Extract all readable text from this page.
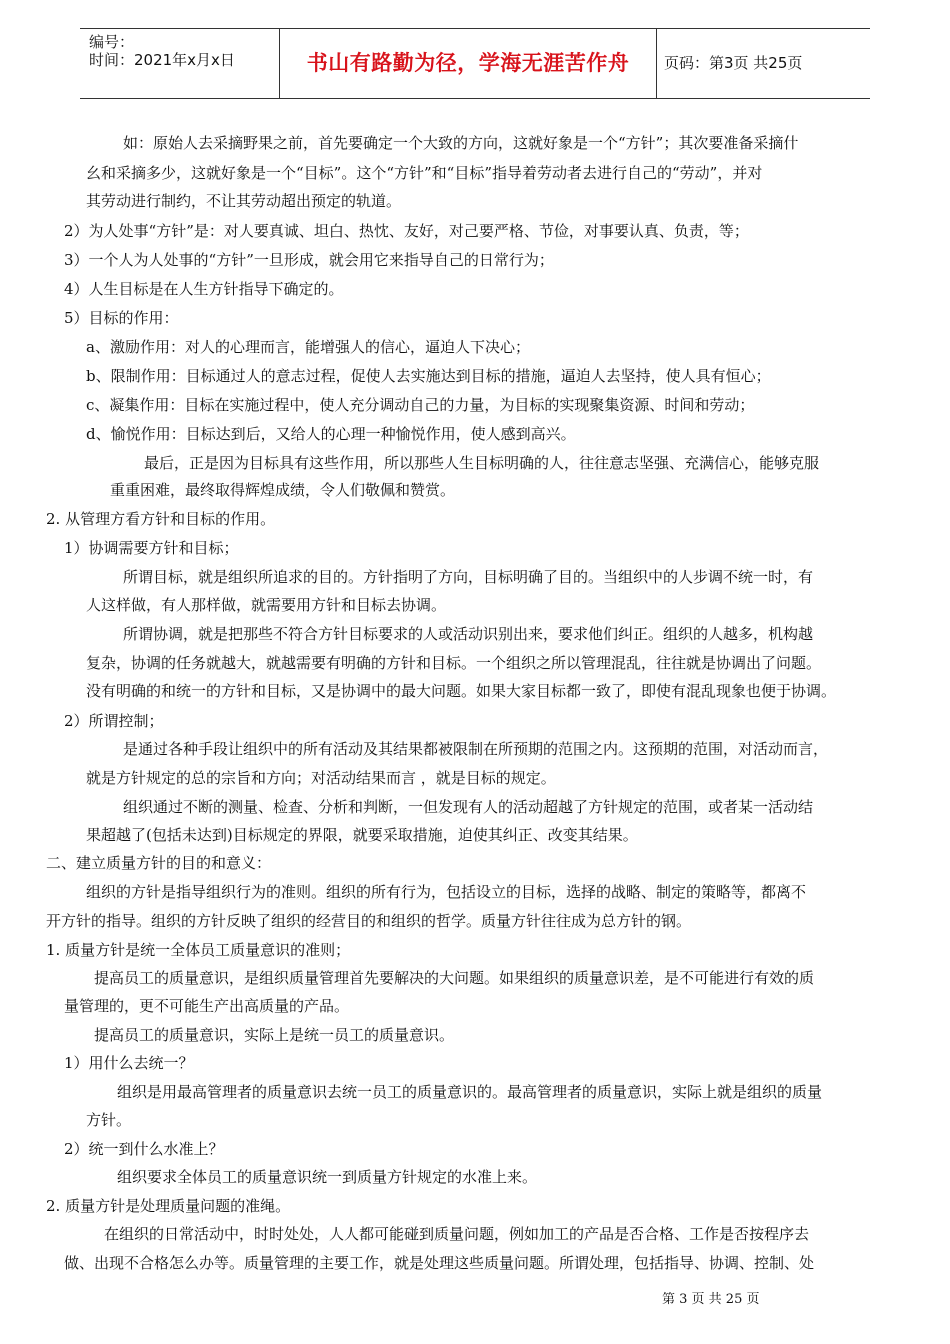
编号：
时间：2021年x月x日	书山有路勤为径，学海无涯苦作舟	页码：第3页 共25页
如：原始人去采摘野果之前，首先要确定一个大致的方向，这就好象是一个“方针”；其次要准备采摘什
幺和采摘多少，这就好象是一个“目标”。这个“方针”和“目标”指导着劳动者去进行自己的“劳动”，并对
其劳动进行制约，不让其劳动超出预定的轨道。
2）为人处事“方针”是：对人要真诚、坦白、热忱、友好，对己要严格、节俭，对事要认真、负责，等；
3）一个人为人处事的“方针”一旦形成，就会用它来指导自己的日常行为；
4）人生目标是在人生方针指导下确定的。
5）目标的作用：
a、激励作用：对人的心理而言，能增强人的信心，逼迫人下决心；
b、限制作用：目标通过人的意志过程，促使人去实施达到目标的措施，逼迫人去坚持，使人具有恒心；
c、凝集作用：目标在实施过程中，使人充分调动自己的力量，为目标的实现聚集资源、时间和劳动；
d、愉悦作用：目标达到后，又给人的心理一种愉悦作用，使人感到高兴。
最后，正是因为目标具有这些作用，所以那些人生目标明确的人，往往意志坚强、充满信心，能够克服
重重困难，最终取得辉煌成绩，令人们敬佩和赞赏。
2. 从管理方看方针和目标的作用。
1）协调需要方针和目标；
所谓目标，就是组织所追求的目的。方针指明了方向，目标明确了目的。当组织中的人步调不统一时，有
人这样做，有人那样做，就需要用方针和目标去协调。
所谓协调，就是把那些不符合方针目标要求的人或活动识别出来，要求他们纠正。组织的人越多，机构越
复杂，协调的任务就越大，就越需要有明确的方针和目标。一个组织之所以管理混乱，往往就是协调出了问题。
没有明确的和统一的方针和目标，又是协调中的最大问题。如果大家目标都一致了，即使有混乱现象也便于协调。
2）所谓控制；
是通过各种手段让组织中的所有活动及其结果都被限制在所预期的范围之内。这预期的范围，对活动而言，
就是方针规定的总的宗旨和方向；对活动结果而言 ，就是目标的规定。
组织通过不断的测量、检查、分析和判断，一但发现有人的活动超越了方针规定的范围，或者某一活动结
果超越了(包括未达到)目标规定的界限，就要采取措施，迫使其纠正、改变其结果。
二、建立质量方针的目的和意义：
组织的方针是指导组织行为的准则。组织的所有行为，包括设立的目标，选择的战略、制定的策略等，都离不
开方针的指导。组织的方针反映了组织的经营目的和组织的哲学。质量方针往往成为总方针的钢。
1. 质量方针是统一全体员工质量意识的准则；
提高员工的质量意识，是组织质量管理首先要解决的大问题。如果组织的质量意识差，是不可能进行有效的质
量管理的，更不可能生产出高质量的产品。
提高员工的质量意识，实际上是统一员工的质量意识。
1）用什么去统一？
组织是用最高管理者的质量意识去统一员工的质量意识的。最高管理者的质量意识，实际上就是组织的质量
方针。
2）统一到什么水准上？
组织要求全体员工的质量意识统一到质量方针规定的水准上来。
2. 质量方针是处理质量问题的准绳。
在组织的日常活动中，时时处处，人人都可能碰到质量问题，例如加工的产品是否合格、工作是否按程序去
做、出现不合格怎么办等。质量管理的主要工作，就是处理这些质量问题。所谓处理，包括指导、协调、控制、处
第 3 页 共 25 页
